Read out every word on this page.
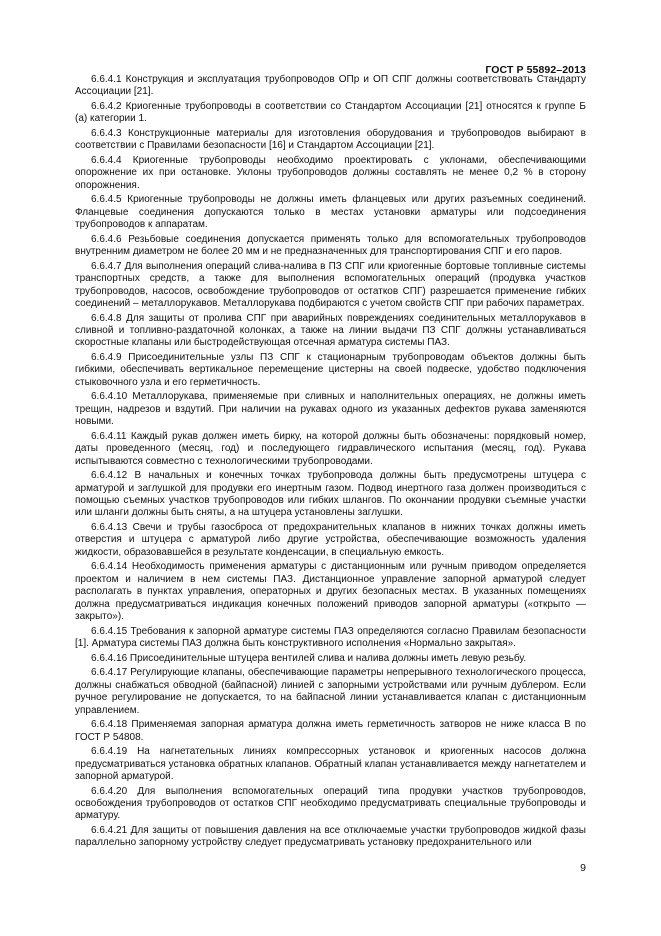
ГОСТ Р 55892–2013

6.6.4.1 Конструкция и эксплуатация трубопроводов ОПр и ОП СПГ должны соответствовать Стандарту Ассоциации [21].

6.6.4.2 Криогенные трубопроводы в соответствии со Стандартом Ассоциации [21] относятся к группе Б (а) категории 1.

6.6.4.3 Конструкционные материалы для изготовления оборудования и трубопроводов выбирают в соответствии с Правилами безопасности [16] и Стандартом Ассоциации [21].

6.6.4.4 Криогенные трубопроводы необходимо проектировать с уклонами, обеспечивающими опорожнение их при остановке. Уклоны трубопроводов должны составлять не менее 0,2 % в сторону опорожнения.

6.6.4.5 Криогенные трубопроводы не должны иметь фланцевых или других разъемных соединений. Фланцевые соединения допускаются только в местах установки арматуры или подсоединения трубопроводов к аппаратам.

6.6.4.6 Резьбовые соединения допускается применять только для вспомогательных трубопроводов внутренним диаметром не более 20 мм и не предназначенных для транспортирования СПГ и его паров.

6.6.4.7 Для выполнения операций слива-налива в ПЗ СПГ или криогенные бортовые топливные системы транспортных средств, а также для выполнения вспомогательных операций (продувка участков трубопроводов, насосов, освобождение трубопроводов от остатков СПГ) разрешается применение гибких соединений – металлорукавов. Металлорукава подбираются с учетом свойств СПГ при рабочих параметрах.

6.6.4.8 Для защиты от пролива СПГ при аварийных повреждениях соединительных металлорукавов в сливной и топливно-раздаточной колонках, а также на линии выдачи ПЗ СПГ должны устанавливаться скоростные клапаны или быстродействующая отсечная арматура системы ПАЗ.

6.6.4.9 Присоединительные узлы ПЗ СПГ к стационарным трубопроводам объектов должны быть гибкими, обеспечивать вертикальное перемещение цистерны на своей подвеске, удобство подключения стыковочного узла и его герметичность.

6.6.4.10 Металлорукава, применяемые при сливных и наполнительных операциях, не должны иметь трещин, надрезов и вздутий. При наличии на рукавах одного из указанных дефектов рукава заменяются новыми.

6.6.4.11 Каждый рукав должен иметь бирку, на которой должны быть обозначены: порядковый номер, даты проведенного (месяц, год) и последующего гидравлического испытания (месяц, год). Рукава испытываются совместно с технологическими трубопроводами.

6.6.4.12 В начальных и конечных точках трубопровода должны быть предусмотрены штуцера с арматурой и заглушкой для продувки его инертным газом. Подвод инертного газа должен производиться с помощью съемных участков трубопроводов или гибких шлангов. По окончании продувки съемные участки или шланги должны быть сняты, а на штуцера установлены заглушки.

6.6.4.13 Свечи и трубы газосброса от предохранительных клапанов в нижних точках должны иметь отверстия и штуцера с арматурой либо другие устройства, обеспечивающие возможность удаления жидкости, образовавшейся в результате конденсации, в специальную емкость.

6.6.4.14 Необходимость применения арматуры с дистанционным или ручным приводом определяется проектом и наличием в нем системы ПАЗ. Дистанционное управление запорной арматурой следует располагать в пунктах управления, операторных и других безопасных местах. В указанных помещениях должна предусматриваться индикация конечных положений приводов запорной арматуры («открыто — закрыто»).

6.6.4.15 Требования к запорной арматуре системы ПАЗ определяются согласно Правилам безопасности [1]. Арматура системы ПАЗ должна быть конструктивного исполнения «Нормально закрытая».

6.6.4.16 Присоединительные штуцера вентилей слива и налива должны иметь левую резьбу.

6.6.4.17 Регулирующие клапаны, обеспечивающие параметры непрерывного технологического процесса, должны снабжаться обводной (байпасной) линией с запорными устройствами или ручным дублером. Если ручное регулирование не допускается, то на байпасной линии устанавливается клапан с дистанционным управлением.

6.6.4.18 Применяемая запорная арматура должна иметь герметичность затворов не ниже класса В по ГОСТ Р 54808.

6.6.4.19 На нагнетательных линиях компрессорных установок и криогенных насосов должна предусматриваться установка обратных клапанов. Обратный клапан устанавливается между нагнетателем и запорной арматурой.

6.6.4.20 Для выполнения вспомогательных операций типа продувки участков трубопроводов, освобождения трубопроводов от остатков СПГ необходимо предусматривать специальные трубопроводы и арматуру.

6.6.4.21 Для защиты от повышения давления на все отключаемые участки трубопроводов жидкой фазы параллельно запорному устройству следует предусматривать установку предохранительного или

9
